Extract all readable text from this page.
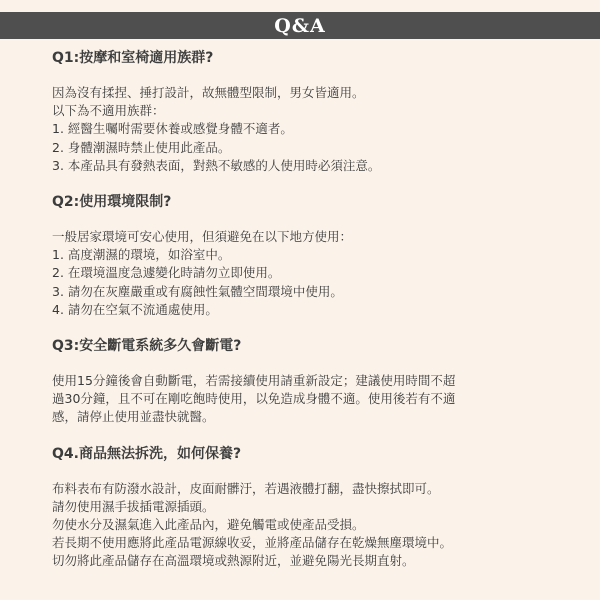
Q&A
Q1:按摩和室椅適用族群?

因為沒有揉捏、捶打設計，故無體型限制，男女皆適用。

以下為不適用族群：

1. 經醫生囑咐需要休養或感覺身體不適者。

2. 身體潮濕時禁止使用此產品。

3. 本產品具有發熱表面，對熱不敏感的人使用時必須注意。

Q2:使用環境限制?

一般居家環境可安心使用，但須避免在以下地方使用：

1. 高度潮濕的環境，如浴室中。

2. 在環境溫度急遽變化時請勿立即使用。

3. 請勿在灰塵嚴重或有腐蝕性氣體空間環境中使用。

4. 請勿在空氣不流通處使用。

Q3:安全斷電系統多久會斷電?

使用15分鐘後會自動斷電，若需接續使用請重新設定；建議使用時間不超

過30分鐘，且不可在剛吃飽時使用，以免造成身體不適。使用後若有不適

感，請停止使用並盡快就醫。

Q4.商品無法拆洗，如何保養?

布料表布有防潑水設計，皮面耐髒汙，若遇液體打翻，盡快擦拭即可。

請勿使用濕手拔插電源插頭。

勿使水分及濕氣進入此產品內，避免觸電或使產品受損。

若長期不使用應將此產品電源線收妥，並將產品儲存在乾燥無塵環境中。

切勿將此產品儲存在高溫環境或熱源附近，並避免陽光長期直射。
